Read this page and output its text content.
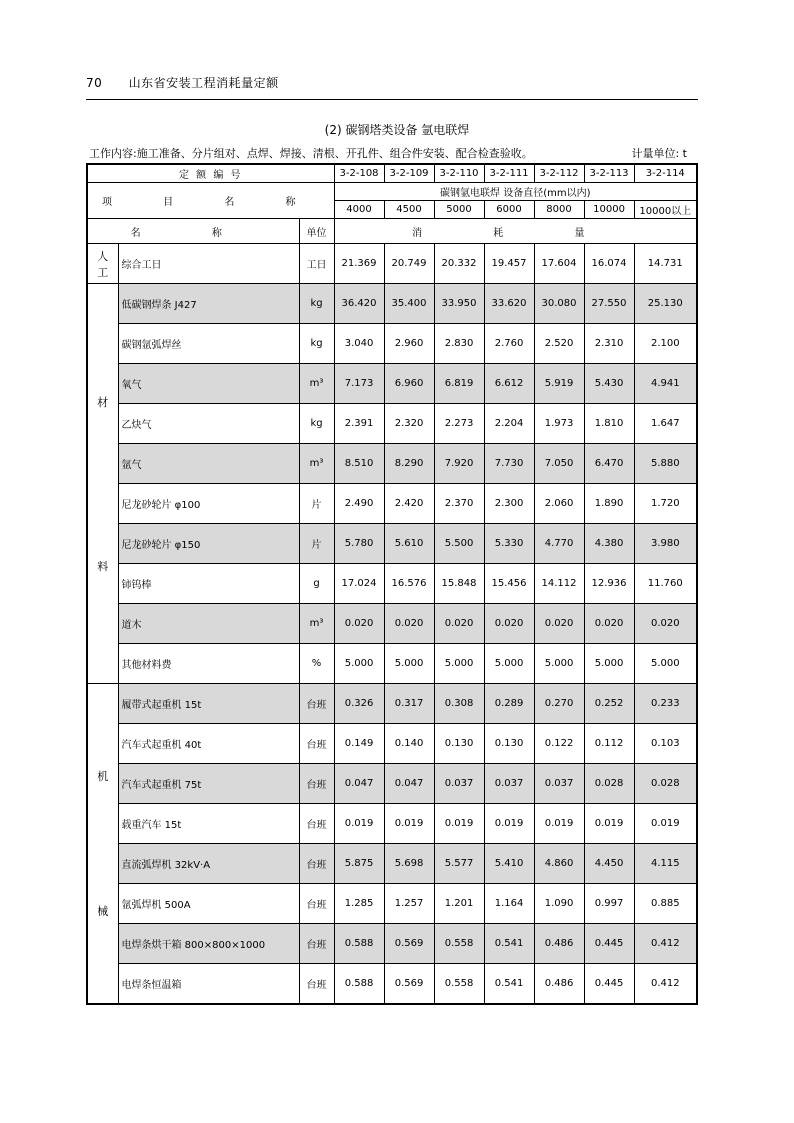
70 山东省安装工程消耗量定额
(2) 碳钢塔类设备 氩电联焊
工作内容:施工准备、分片组对、点焊、焊接、清根、开孔件、组合件安装、配合检查验收。	计量单位: t
定 额 编 号			3-2-108	3-2-109	3-2-110	3-2-111	3-2-112	3-2-113	3-2-114
项 目 名 称			碳钢氩电联焊 设备直径(mm以内)						
			4000	4500	5000	6000	8000	10000	10000以上
名 称		单位	消 耗 量						

人
工	综合工日	工日	21.369	20.749	20.332	19.457	17.604	16.074	14.731

材
料	低碳钢焊条 J427	kg	36.420	35.400	33.950	33.620	30.080	27.550	25.130
	碳钢氩弧焊丝	kg	3.040	2.960	2.830	2.760	2.520	2.310	2.100
	氧气	m³	7.173	6.960	6.819	6.612	5.919	5.430	4.941
	乙炔气	kg	2.391	2.320	2.273	2.204	1.973	1.810	1.647
	氩气	m³	8.510	8.290	7.920	7.730	7.050	6.470	5.880
	尼龙砂轮片 φ100	片	2.490	2.420	2.370	2.300	2.060	1.890	1.720
	尼龙砂轮片 φ150	片	5.780	5.610	5.500	5.330	4.770	4.380	3.980
	铈钨棒	g	17.024	16.576	15.848	15.456	14.112	12.936	11.760
	道木	m³	0.020	0.020	0.020	0.020	0.020	0.020	0.020
	其他材料费	%	5.000	5.000	5.000	5.000	5.000	5.000	5.000

机
械	履带式起重机 15t	台班	0.326	0.317	0.308	0.289	0.270	0.252	0.233
	汽车式起重机 40t	台班	0.149	0.140	0.130	0.130	0.122	0.112	0.103
	汽车式起重机 75t	台班	0.047	0.047	0.037	0.037	0.037	0.028	0.028
	载重汽车 15t	台班	0.019	0.019	0.019	0.019	0.019	0.019	0.019
	直流弧焊机 32kV·A	台班	5.875	5.698	5.577	5.410	4.860	4.450	4.115
	氩弧焊机 500A	台班	1.285	1.257	1.201	1.164	1.090	0.997	0.885
	电焊条烘干箱 800×800×1000	台班	0.588	0.569	0.558	0.541	0.486	0.445	0.412
	电焊条恒温箱	台班	0.588	0.569	0.558	0.541	0.486	0.445	0.412
